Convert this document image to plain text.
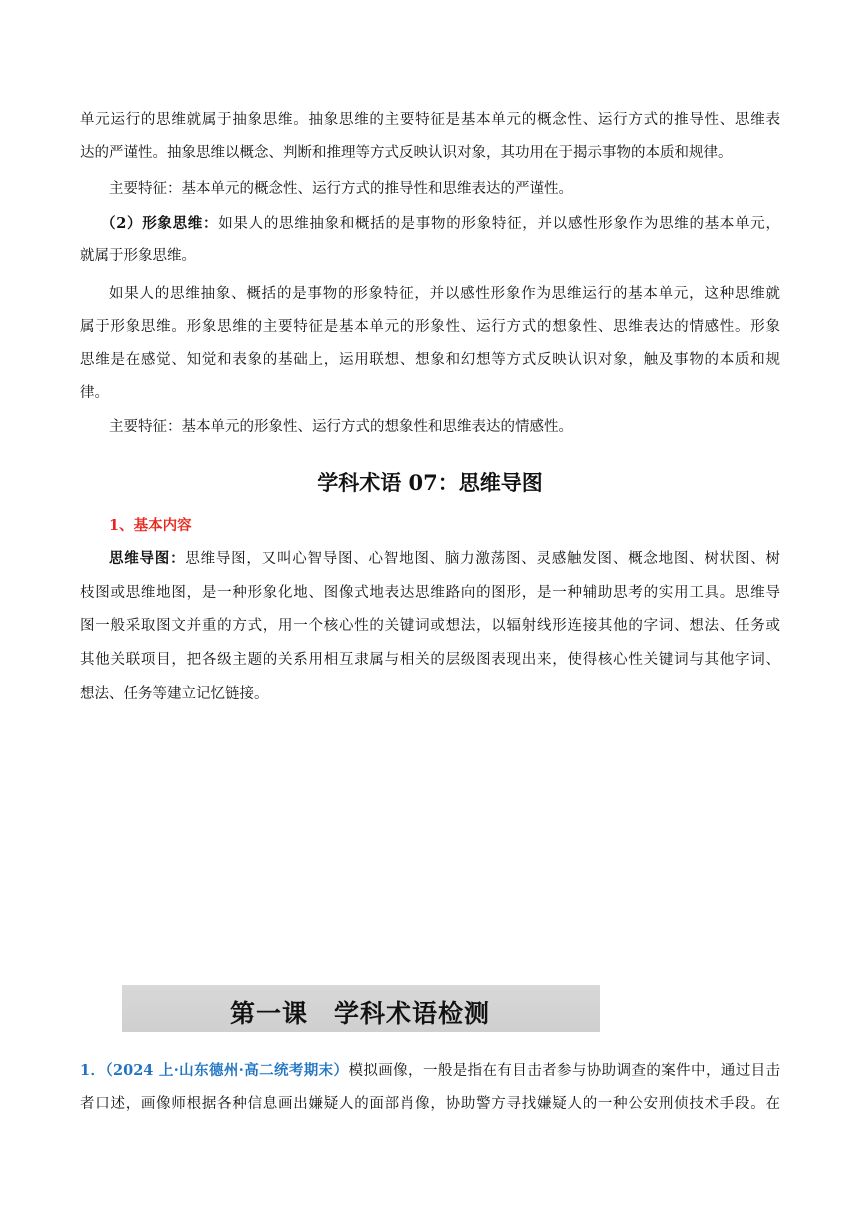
单元运行的思维就属于抽象思维。抽象思维的主要特征是基本单元的概念性、运行方式的推导性、思维表
达的严谨性。抽象思维以概念、判断和推理等方式反映认识对象，其功用在于揭示事物的本质和规律。
主要特征：基本单元的概念性、运行方式的推导性和思维表达的严谨性。
（2）形象思维：如果人的思维抽象和概括的是事物的形象特征，并以感性形象作为思维的基本单元，
就属于形象思维。
如果人的思维抽象、概括的是事物的形象特征，并以感性形象作为思维运行的基本单元，这种思维就
属于形象思维。形象思维的主要特征是基本单元的形象性、运行方式的想象性、思维表达的情感性。形象
思维是在感觉、知觉和表象的基础上，运用联想、想象和幻想等方式反映认识对象，触及事物的本质和规
律。
主要特征：基本单元的形象性、运行方式的想象性和思维表达的情感性。
学科术语 07：思维导图
1、基本内容
思维导图：思维导图，又叫心智导图、心智地图、脑力激荡图、灵感触发图、概念地图、树状图、树
枝图或思维地图，是一种形象化地、图像式地表达思维路向的图形，是一种辅助思考的实用工具。思维导
图一般采取图文并重的方式，用一个核心性的关键词或想法，以辐射线形连接其他的字词、想法、任务或
其他关联项目，把各级主题的关系用相互隶属与相关的层级图表现出来，使得核心性关键词与其他字词、
想法、任务等建立记忆链接。
第一课　学科术语检测
1．（2024 上·山东德州·高二统考期末）模拟画像，一般是指在有目击者参与协助调查的案件中，通过目击
者口述，画像师根据各种信息画出嫌疑人的面部肖像，协助警方寻找嫌疑人的一种公安刑侦技术手段。在
